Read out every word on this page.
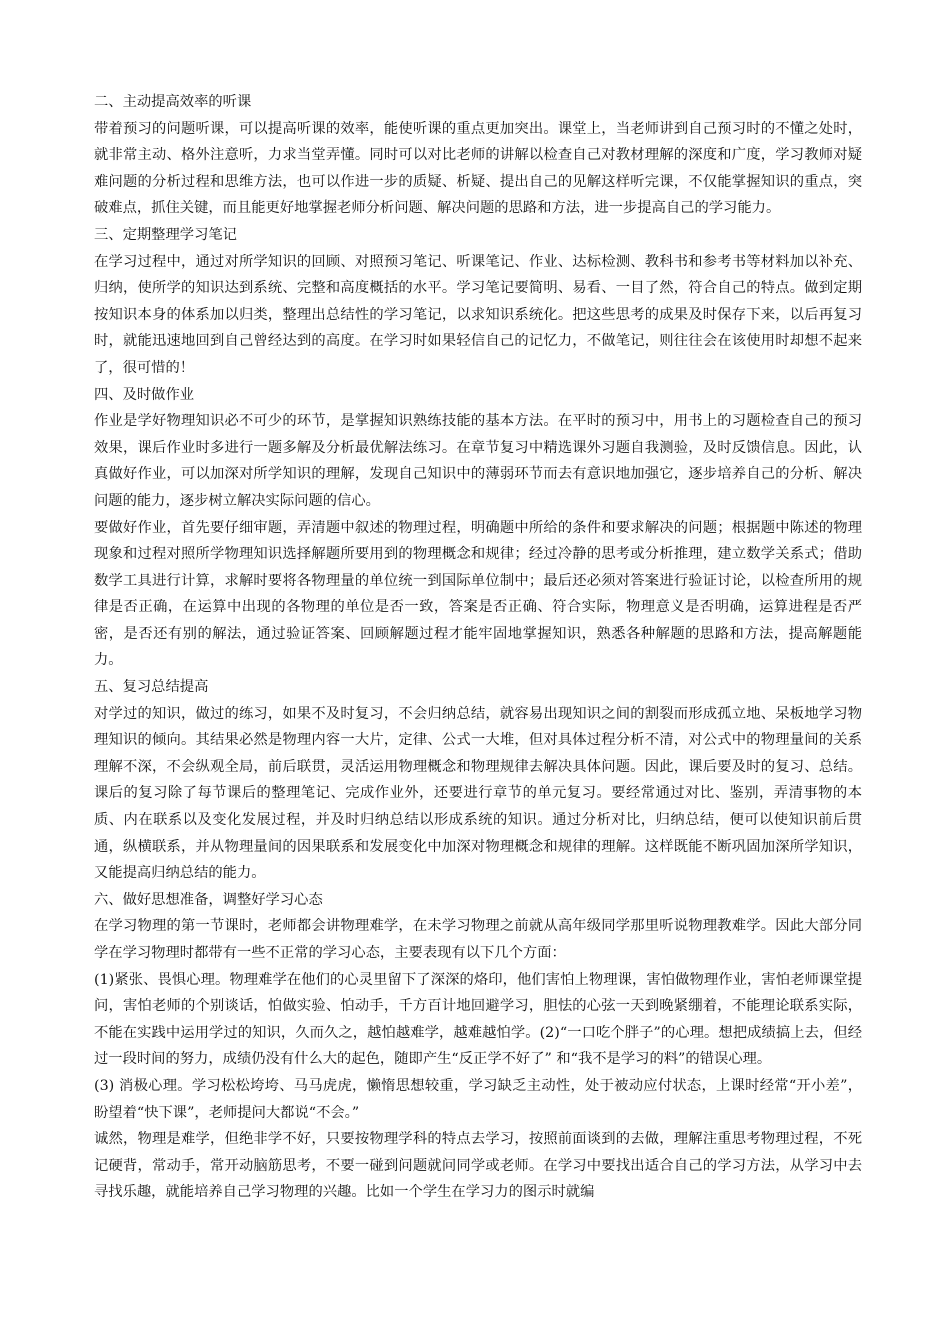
二、主动提高效率的听课

带着预习的问题听课，可以提高听课的效率，能使听课的重点更加突出。课堂上，当老师讲到自己预习时的不懂之处时，就非常主动、格外注意听，力求当堂弄懂。同时可以对比老师的讲解以检查自己对教材理解的深度和广度，学习教师对疑难问题的分析过程和思维方法，也可以作进一步的质疑、析疑、提出自己的见解这样听完课，不仅能掌握知识的重点，突破难点，抓住关键，而且能更好地掌握老师分析问题、解决问题的思路和方法，进一步提高自己的学习能力。

三、定期整理学习笔记

在学习过程中，通过对所学知识的回顾、对照预习笔记、听课笔记、作业、达标检测、教科书和参考书等材料加以补充、归纳，使所学的知识达到系统、完整和高度概括的水平。学习笔记要简明、易看、一目了然，符合自己的特点。做到定期按知识本身的体系加以归类，整理出总结性的学习笔记，以求知识系统化。把这些思考的成果及时保存下来，以后再复习时，就能迅速地回到自己曾经达到的高度。在学习时如果轻信自己的记忆力，不做笔记，则往往会在该使用时却想不起来了，很可惜的！

四、及时做作业

作业是学好物理知识必不可少的环节，是掌握知识熟练技能的基本方法。在平时的预习中，用书上的习题检查自己的预习效果，课后作业时多进行一题多解及分析最优解法练习。在章节复习中精选课外习题自我测验，及时反馈信息。因此，认真做好作业，可以加深对所学知识的理解，发现自己知识中的薄弱环节而去有意识地加强它，逐步培养自己的分析、解决问题的能力，逐步树立解决实际问题的信心。

要做好作业，首先要仔细审题，弄清题中叙述的物理过程，明确题中所给的条件和要求解决的问题；根据题中陈述的物理现象和过程对照所学物理知识选择解题所要用到的物理概念和规律；经过冷静的思考或分析推理，建立数学关系式；借助数学工具进行计算，求解时要将各物理量的单位统一到国际单位制中；最后还必须对答案进行验证讨论，以检查所用的规律是否正确，在运算中出现的各物理的单位是否一致，答案是否正确、符合实际，物理意义是否明确，运算进程是否严密，是否还有别的解法，通过验证答案、回顾解题过程才能牢固地掌握知识，熟悉各种解题的思路和方法，提高解题能力。

五、复习总结提高

对学过的知识，做过的练习，如果不及时复习，不会归纳总结，就容易出现知识之间的割裂而形成孤立地、呆板地学习物理知识的倾向。其结果必然是物理内容一大片，定律、公式一大堆，但对具体过程分析不清，对公式中的物理量间的关系理解不深，不会纵观全局，前后联贯，灵活运用物理概念和物理规律去解决具体问题。因此，课后要及时的复习、总结。课后的复习除了每节课后的整理笔记、完成作业外，还要进行章节的单元复习。要经常通过对比、鉴别，弄清事物的本质、内在联系以及变化发展过程，并及时归纳总结以形成系统的知识。通过分析对比，归纳总结，便可以使知识前后贯通，纵横联系，并从物理量间的因果联系和发展变化中加深对物理概念和规律的理解。这样既能不断巩固加深所学知识，又能提高归纳总结的能力。

六、做好思想准备，调整好学习心态

在学习物理的第一节课时，老师都会讲物理难学，在未学习物理之前就从高年级同学那里听说物理教难学。因此大部分同学在学习物理时都带有一些不正常的学习心态，主要表现有以下几个方面：

(1)紧张、畏惧心理。物理难学在他们的心灵里留下了深深的烙印，他们害怕上物理课，害怕做物理作业，害怕老师课堂提问，害怕老师的个别谈话，怕做实验、怕动手，千方百计地回避学习，胆怯的心弦一天到晚紧绷着，不能理论联系实际，不能在实践中运用学过的知识，久而久之，越怕越难学，越难越怕学。(2)“一口吃个胖子”的心理。想把成绩搞上去，但经过一段时间的努力，成绩仍没有什么大的起色，随即产生“反正学不好了” 和“我不是学习的料”的错误心理。

(3) 消极心理。学习松松垮垮、马马虎虎，懒惰思想较重，学习缺乏主动性，处于被动应付状态，上课时经常“开小差”，盼望着“快下课”，老师提问大都说“不会。”

诚然，物理是难学，但绝非学不好，只要按物理学科的特点去学习，按照前面谈到的去做，理解注重思考物理过程，不死记硬背，常动手，常开动脑筋思考，不要一碰到问题就问同学或老师。在学习中要找出适合自己的学习方法，从学习中去寻找乐趣，就能培养自己学习物理的兴趣。比如一个学生在学习力的图示时就编
